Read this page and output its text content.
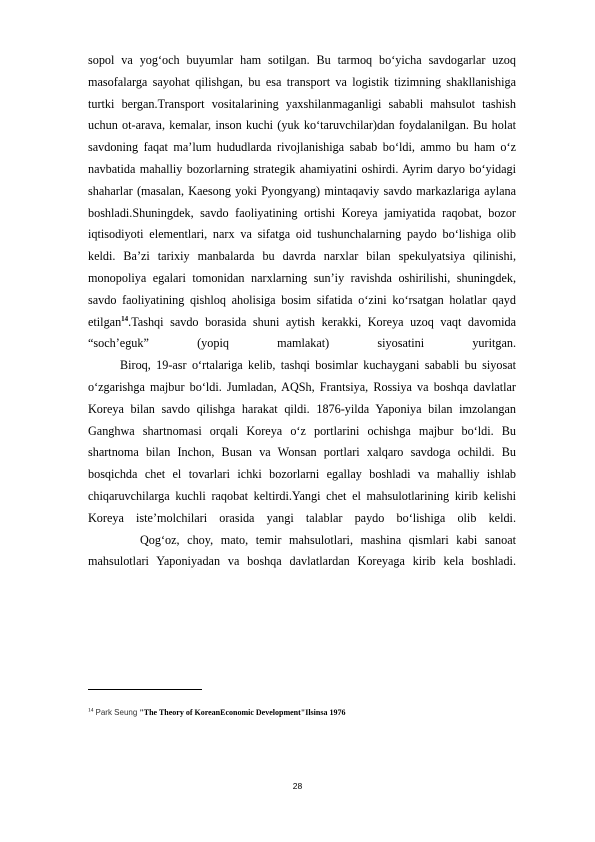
sopol va yog‘och buyumlar ham sotilgan. Bu tarmoq bo‘yicha savdogarlar uzoq masofalarga sayohat qilishgan, bu esa transport va logistik tizimning shakllanishiga turtki bergan.Transport vositalarining yaxshilanmaganligi sababli mahsulot tashish uchun ot-arava, kemalar, inson kuchi (yuk ko‘taruvchilar)dan foydalanilgan. Bu holat savdoning faqat ma’lum hududlarda rivojlanishiga sabab bo‘ldi, ammo bu ham o‘z navbatida mahalliy bozorlarning strategik ahamiyatini oshirdi. Ayrim daryo bo‘yidagi shaharlar (masalan, Kaesong yoki Pyongyang) mintaqaviy savdo markazlariga aylana boshladi.Shuningdek, savdo faoliyatining ortishi Koreya jamiyatida raqobat, bozor iqtisodiyoti elementlari, narx va sifatga oid tushunchalarning paydo bo‘lishiga olib keldi. Ba’zi tarixiy manbalarda bu davrda narxlar bilan spekulyatsiya qilinishi, monopoliya egalari tomonidan narxlarning sun’iy ravishda oshirilishi, shuningdek, savdo faoliyatining qishloq aholisiga bosim sifatida o‘zini ko‘rsatgan holatlar qayd etilgan$^{14}$.Tashqi savdo borasida shuni aytish kerakki, Koreya uzoq vaqt davomida “soch’eguk” (yopiq mamlakat) siyosatini yuritgan.

Biroq, 19-asr o‘rtalariga kelib, tashqi bosimlar kuchaygani sababli bu siyosat o‘zgarishga majbur bo‘ldi. Jumladan, AQSh, Frantsiya, Rossiya va boshqa davlatlar Koreya bilan savdo qilishga harakat qildi. 1876-yilda Yaponiya bilan imzolangan Ganghwa shartnomasi orqali Koreya o‘z portlarini ochishga majbur bo‘ldi. Bu shartnoma bilan Inchon, Busan va Wonsan portlari xalqaro savdoga ochildi. Bu bosqichda chet el tovarlari ichki bozorlarni egallay boshladi va mahalliy ishlab chiqaruvchilarga kuchli raqobat keltirdi.Yangi chet el mahsulotlarining kirib kelishi Koreya iste’molchilari orasida yangi talablar paydo bo‘lishiga olib keldi.

Qog‘oz, choy, mato, temir mahsulotlari, mashina qismlari kabi sanoat mahsulotlari Yaponiyadan va boshqa davlatlardan Koreyaga kirib kela boshladi.

$^{14}$ Park Seung "The Theory of KoreanEconomic Development"Ilsinsa 1976
28
